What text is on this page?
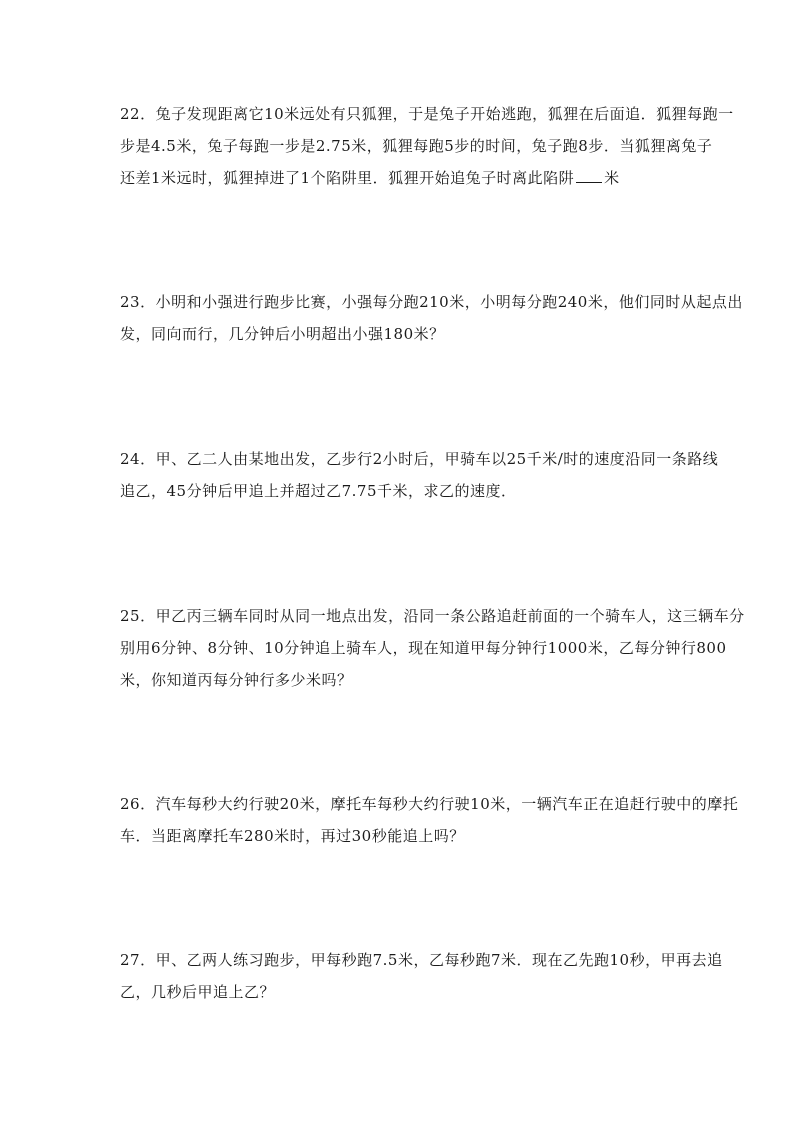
22．兔子发现距离它10米远处有只狐狸，于是兔子开始逃跑，狐狸在后面追．狐狸每跑一

步是4.5米，兔子每跑一步是2.75米，狐狸每跑5步的时间，兔子跑8步．当狐狸离兔子

还差1米远时，狐狸掉进了1个陷阱里．狐狸开始追兔子时离此陷阱 米

23．小明和小强进行跑步比赛，小强每分跑210米，小明每分跑240米，他们同时从起点出

发，同向而行，几分钟后小明超出小强180米？

24．甲、乙二人由某地出发，乙步行2小时后，甲骑车以25千米/时的速度沿同一条路线

追乙，45分钟后甲追上并超过乙7.75千米，求乙的速度．

25．甲乙丙三辆车同时从同一地点出发，沿同一条公路追赶前面的一个骑车人，这三辆车分

别用6分钟、8分钟、10分钟追上骑车人，现在知道甲每分钟行1000米，乙每分钟行800

米，你知道丙每分钟行多少米吗？

26．汽车每秒大约行驶20米，摩托车每秒大约行驶10米，一辆汽车正在追赶行驶中的摩托

车．当距离摩托车280米时，再过30秒能追上吗？

27．甲、乙两人练习跑步，甲每秒跑7.5米，乙每秒跑7米．现在乙先跑10秒，甲再去追

乙，几秒后甲追上乙？
